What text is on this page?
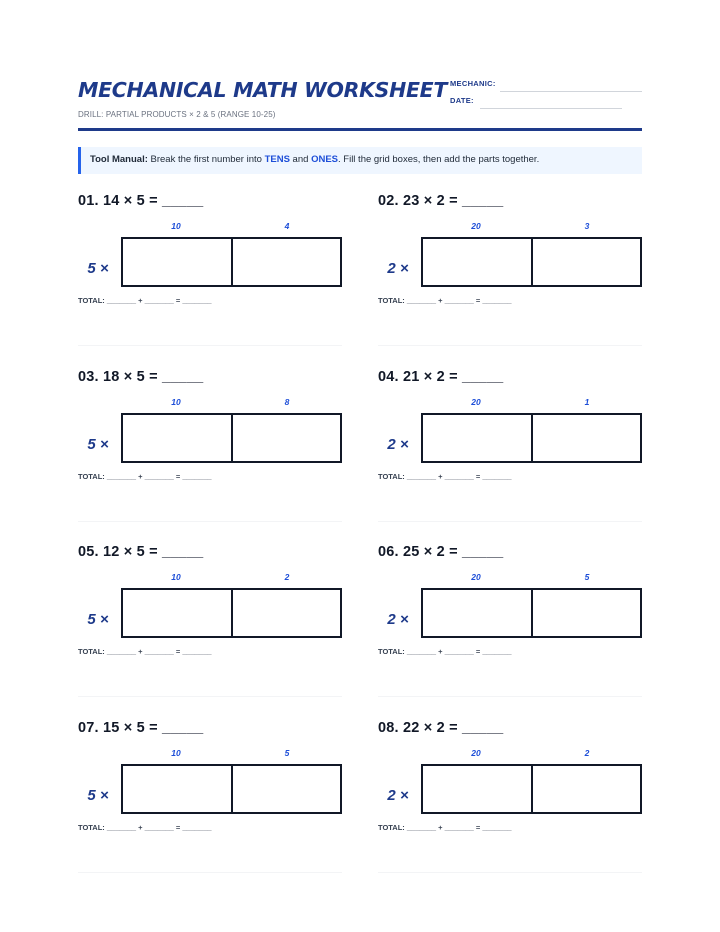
MECHANICAL MATH WORKSHEET
DRILL: PARTIAL PRODUCTS × 2 & 5 (RANGE 10-25)
MECHANIC:
DATE:
Tool Manual: Break the first number into TENS and ONES. Fill the grid boxes, then add the parts together.
01. 14 × 5 = _____
10	4
5 ×
TOTAL: _______ + _______ = _______
02. 23 × 2 = _____
20	3
2 ×
TOTAL: _______ + _______ = _______
03. 18 × 5 = _____
10	8
5 ×
TOTAL: _______ + _______ = _______
04. 21 × 2 = _____
20	1
2 ×
TOTAL: _______ + _______ = _______
05. 12 × 5 = _____
10	2
5 ×
TOTAL: _______ + _______ = _______
06. 25 × 2 = _____
20	5
2 ×
TOTAL: _______ + _______ = _______
07. 15 × 5 = _____
10	5
5 ×
TOTAL: _______ + _______ = _______
08. 22 × 2 = _____
20	2
2 ×
TOTAL: _______ + _______ = _______
